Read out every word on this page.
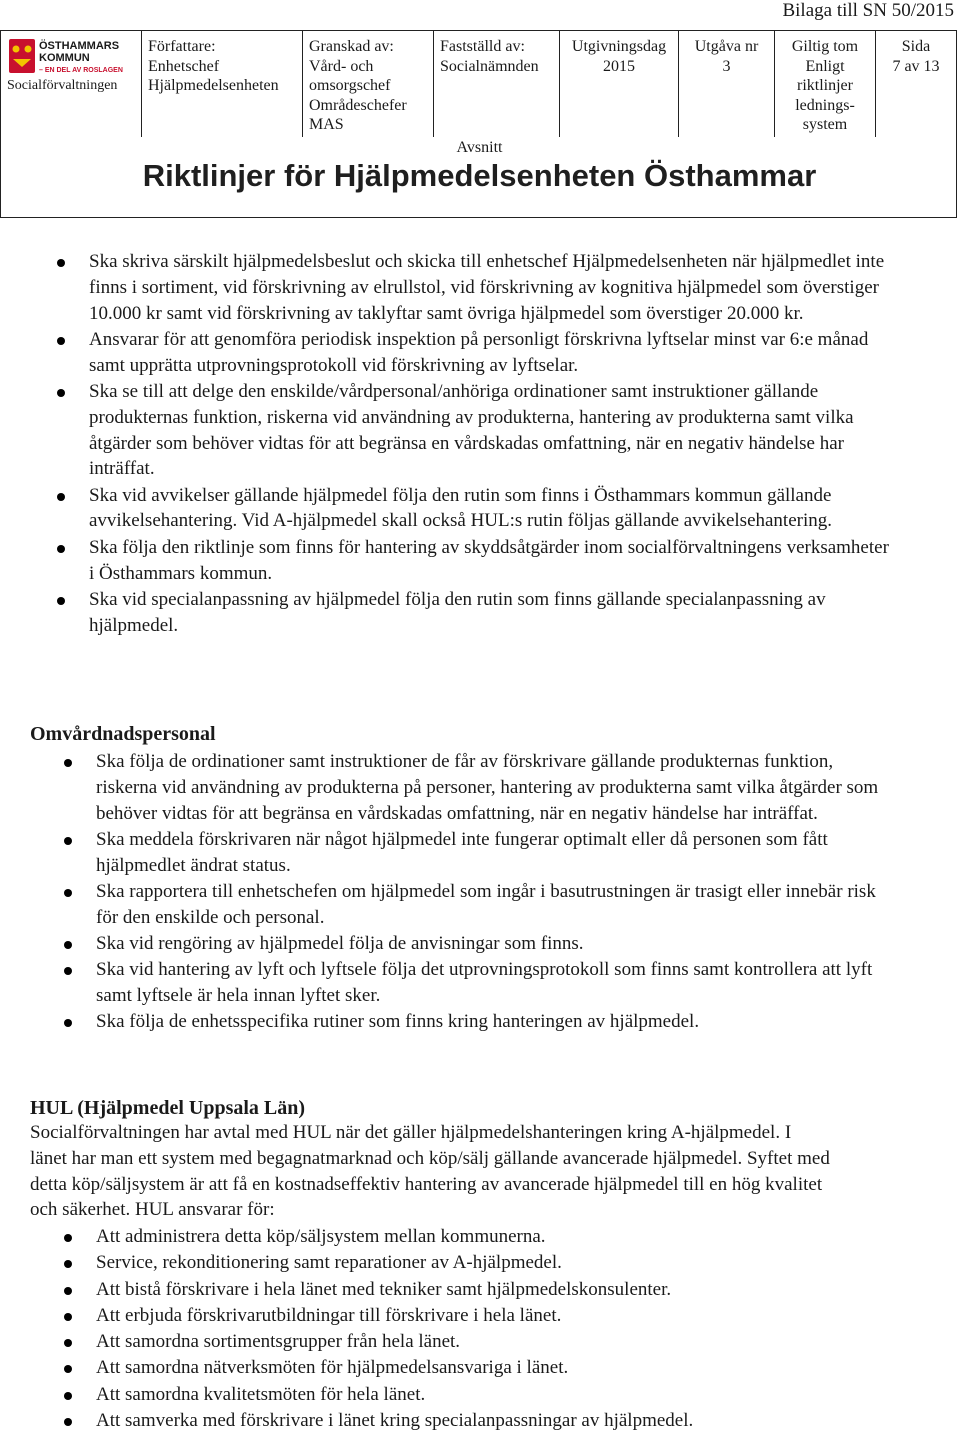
Bilaga till SN 50/2015
ÖSTHAMMARS
KOMMUN
– EN DEL AV ROSLAGEN
Socialförvaltningen
Författare:
Enhetschef
Hjälpmedelsenheten
Granskad av:
Vård- och
omsorgschef
Områdeschefer
MAS
Fastställd av:
Socialnämnden
Utgivningsdag
2015
Utgåva nr
3
Giltig tom
Enligt
riktlinjer
lednings-
system
Sida
7 av 13
Avsnitt
Riktlinjer för Hjälpmedelsenheten Östhammar
Ska skriva särskilt hjälpmedelsbeslut och skicka till enhetschef Hjälpmedelsenheten när hjälpmedlet inte finns i sortiment, vid förskrivning av elrullstol, vid förskrivning av kognitiva hjälpmedel som överstiger 10.000 kr samt vid förskrivning av taklyftar samt övriga hjälpmedel som överstiger 20.000 kr.
Ansvarar för att genomföra periodisk inspektion på personligt förskrivna lyftselar minst var 6:e månad samt upprätta utprovningsprotokoll vid förskrivning av lyftselar.
Ska se till att delge den enskilde/vårdpersonal/anhöriga ordinationer samt instruktioner gällande produkternas funktion, riskerna vid användning av produkterna, hantering av produkterna samt vilka åtgärder som behöver vidtas för att begränsa en vårdskadas omfattning, när en negativ händelse har inträffat.
Ska vid avvikelser gällande hjälpmedel följa den rutin som finns i Östhammars kommun gällande avvikelsehantering. Vid A-hjälpmedel skall också HUL:s rutin följas gällande avvikelsehantering.
Ska följa den riktlinje som finns för hantering av skyddsåtgärder inom socialförvaltningens verksamheter i Östhammars kommun.
Ska vid specialanpassning av hjälpmedel följa den rutin som finns gällande specialanpassning av hjälpmedel.
Omvårdnadspersonal
Ska följa de ordinationer samt instruktioner de får av förskrivare gällande produkternas funktion, riskerna vid användning av produkterna på personer, hantering av produkterna samt vilka åtgärder som behöver vidtas för att begränsa en vårdskadas omfattning, när en negativ händelse har inträffat.
Ska meddela förskrivaren när något hjälpmedel inte fungerar optimalt eller då personen som fått hjälpmedlet ändrat status.
Ska rapportera till enhetschefen om hjälpmedel som ingår i basutrustningen är trasigt eller innebär risk för den enskilde och personal.
Ska vid rengöring av hjälpmedel följa de anvisningar som finns.
Ska vid hantering av lyft och lyftsele följa det utprovningsprotokoll som finns samt kontrollera att lyft samt lyftsele är hela innan lyftet sker.
Ska följa de enhetsspecifika rutiner som finns kring hanteringen av hjälpmedel.
HUL (Hjälpmedel Uppsala Län)
Socialförvaltningen har avtal med HUL när det gäller hjälpmedelshanteringen kring A-hjälpmedel. I länet har man ett system med begagnatmarknad och köp/sälj gällande avancerade hjälpmedel. Syftet med detta köp/säljsystem är att få en kostnadseffektiv hantering av avancerade hjälpmedel till en hög kvalitet och säkerhet. HUL ansvarar för:
Att administrera detta köp/säljsystem mellan kommunerna.
Service, rekonditionering samt reparationer av A-hjälpmedel.
Att bistå förskrivare i hela länet med tekniker samt hjälpmedelskonsulenter.
Att erbjuda förskrivarutbildningar till förskrivare i hela länet.
Att samordna sortimentsgrupper från hela länet.
Att samordna nätverksmöten för hjälpmedelsansvariga i länet.
Att samordna kvalitetsmöten för hela länet.
Att samverka med förskrivare i länet kring specialanpassningar av hjälpmedel.
